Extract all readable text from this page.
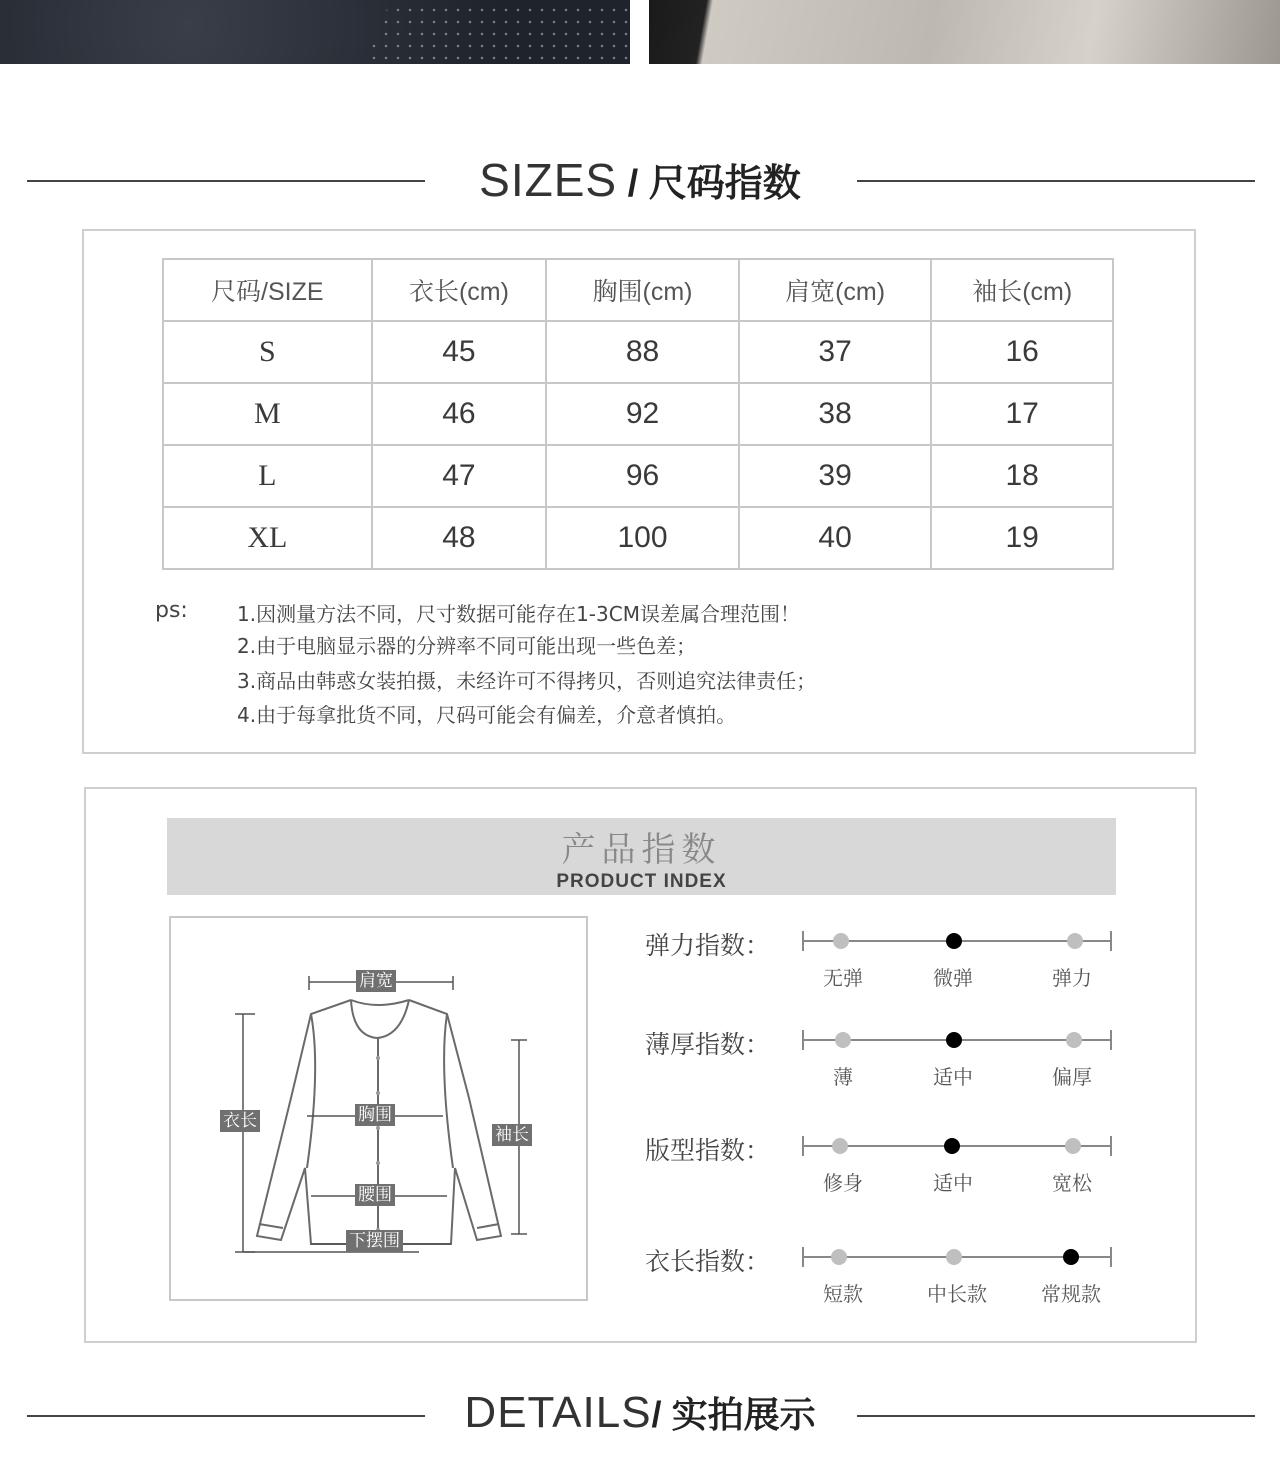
SIZES / 尺码指数
尺码/SIZE	衣长(cm)	胸围(cm)	肩宽(cm)	袖长(cm)
S	45	88	37	16
M	46	92	38	17
L	47	96	39	18
XL	48	100	40	19
ps: 1.因测量方法不同，尺寸数据可能存在1-3CM误差属合理范围！
2.由于电脑显示器的分辨率不同可能出现一些色差；
3.商品由韩惑女装拍摄，未经许可不得拷贝，否则追究法律责任；
4.由于每拿批货不同，尺码可能会有偏差，介意者慎拍。
产品指数
PRODUCT INDEX
肩宽
衣长	胸围
袖长
腰围
下摆围
弹力指数：
无弹	微弹	弹力
薄厚指数：
薄	适中	偏厚
版型指数：
修身	适中	宽松
衣长指数：
短款	中长款	常规款
DETAILS/ 实拍展示
